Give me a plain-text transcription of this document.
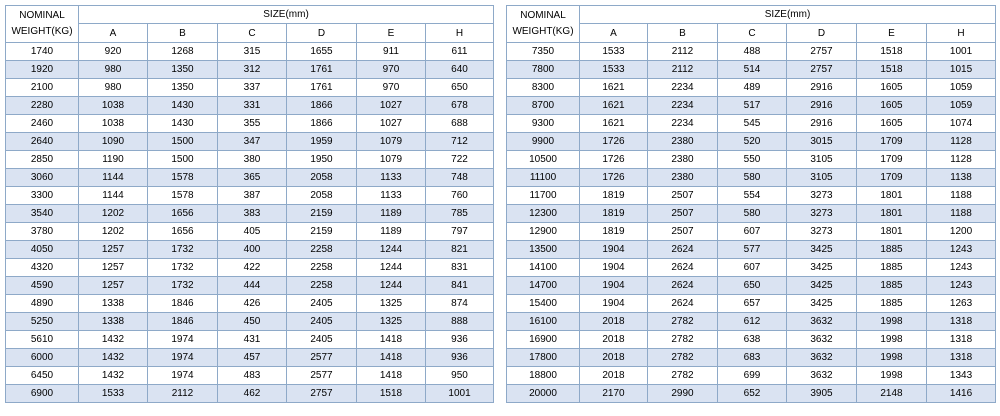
NOMINAL
WEIGHT(KG)	SIZE(mm)					
	A	B	C	D	E	H
1740	920	1268	315	1655	911	611
1920	980	1350	312	1761	970	640
2100	980	1350	337	1761	970	650
2280	1038	1430	331	1866	1027	678
2460	1038	1430	355	1866	1027	688
2640	1090	1500	347	1959	1079	712
2850	1190	1500	380	1950	1079	722
3060	1144	1578	365	2058	1133	748
3300	1144	1578	387	2058	1133	760
3540	1202	1656	383	2159	1189	785
3780	1202	1656	405	2159	1189	797
4050	1257	1732	400	2258	1244	821
4320	1257	1732	422	2258	1244	831
4590	1257	1732	444	2258	1244	841
4890	1338	1846	426	2405	1325	874
5250	1338	1846	450	2405	1325	888
5610	1432	1974	431	2405	1418	936
6000	1432	1974	457	2577	1418	936
6450	1432	1974	483	2577	1418	950
6900	1533	2112	462	2757	1518	1001
NOMINAL
WEIGHT(KG)	SIZE(mm)					
	A	B	C	D	E	H
7350	1533	2112	488	2757	1518	1001
7800	1533	2112	514	2757	1518	1015
8300	1621	2234	489	2916	1605	1059
8700	1621	2234	517	2916	1605	1059
9300	1621	2234	545	2916	1605	1074
9900	1726	2380	520	3015	1709	1128
10500	1726	2380	550	3105	1709	1128
11100	1726	2380	580	3105	1709	1138
11700	1819	2507	554	3273	1801	1188
12300	1819	2507	580	3273	1801	1188
12900	1819	2507	607	3273	1801	1200
13500	1904	2624	577	3425	1885	1243
14100	1904	2624	607	3425	1885	1243
14700	1904	2624	650	3425	1885	1243
15400	1904	2624	657	3425	1885	1263
16100	2018	2782	612	3632	1998	1318
16900	2018	2782	638	3632	1998	1318
17800	2018	2782	683	3632	1998	1318
18800	2018	2782	699	3632	1998	1343
20000	2170	2990	652	3905	2148	1416
